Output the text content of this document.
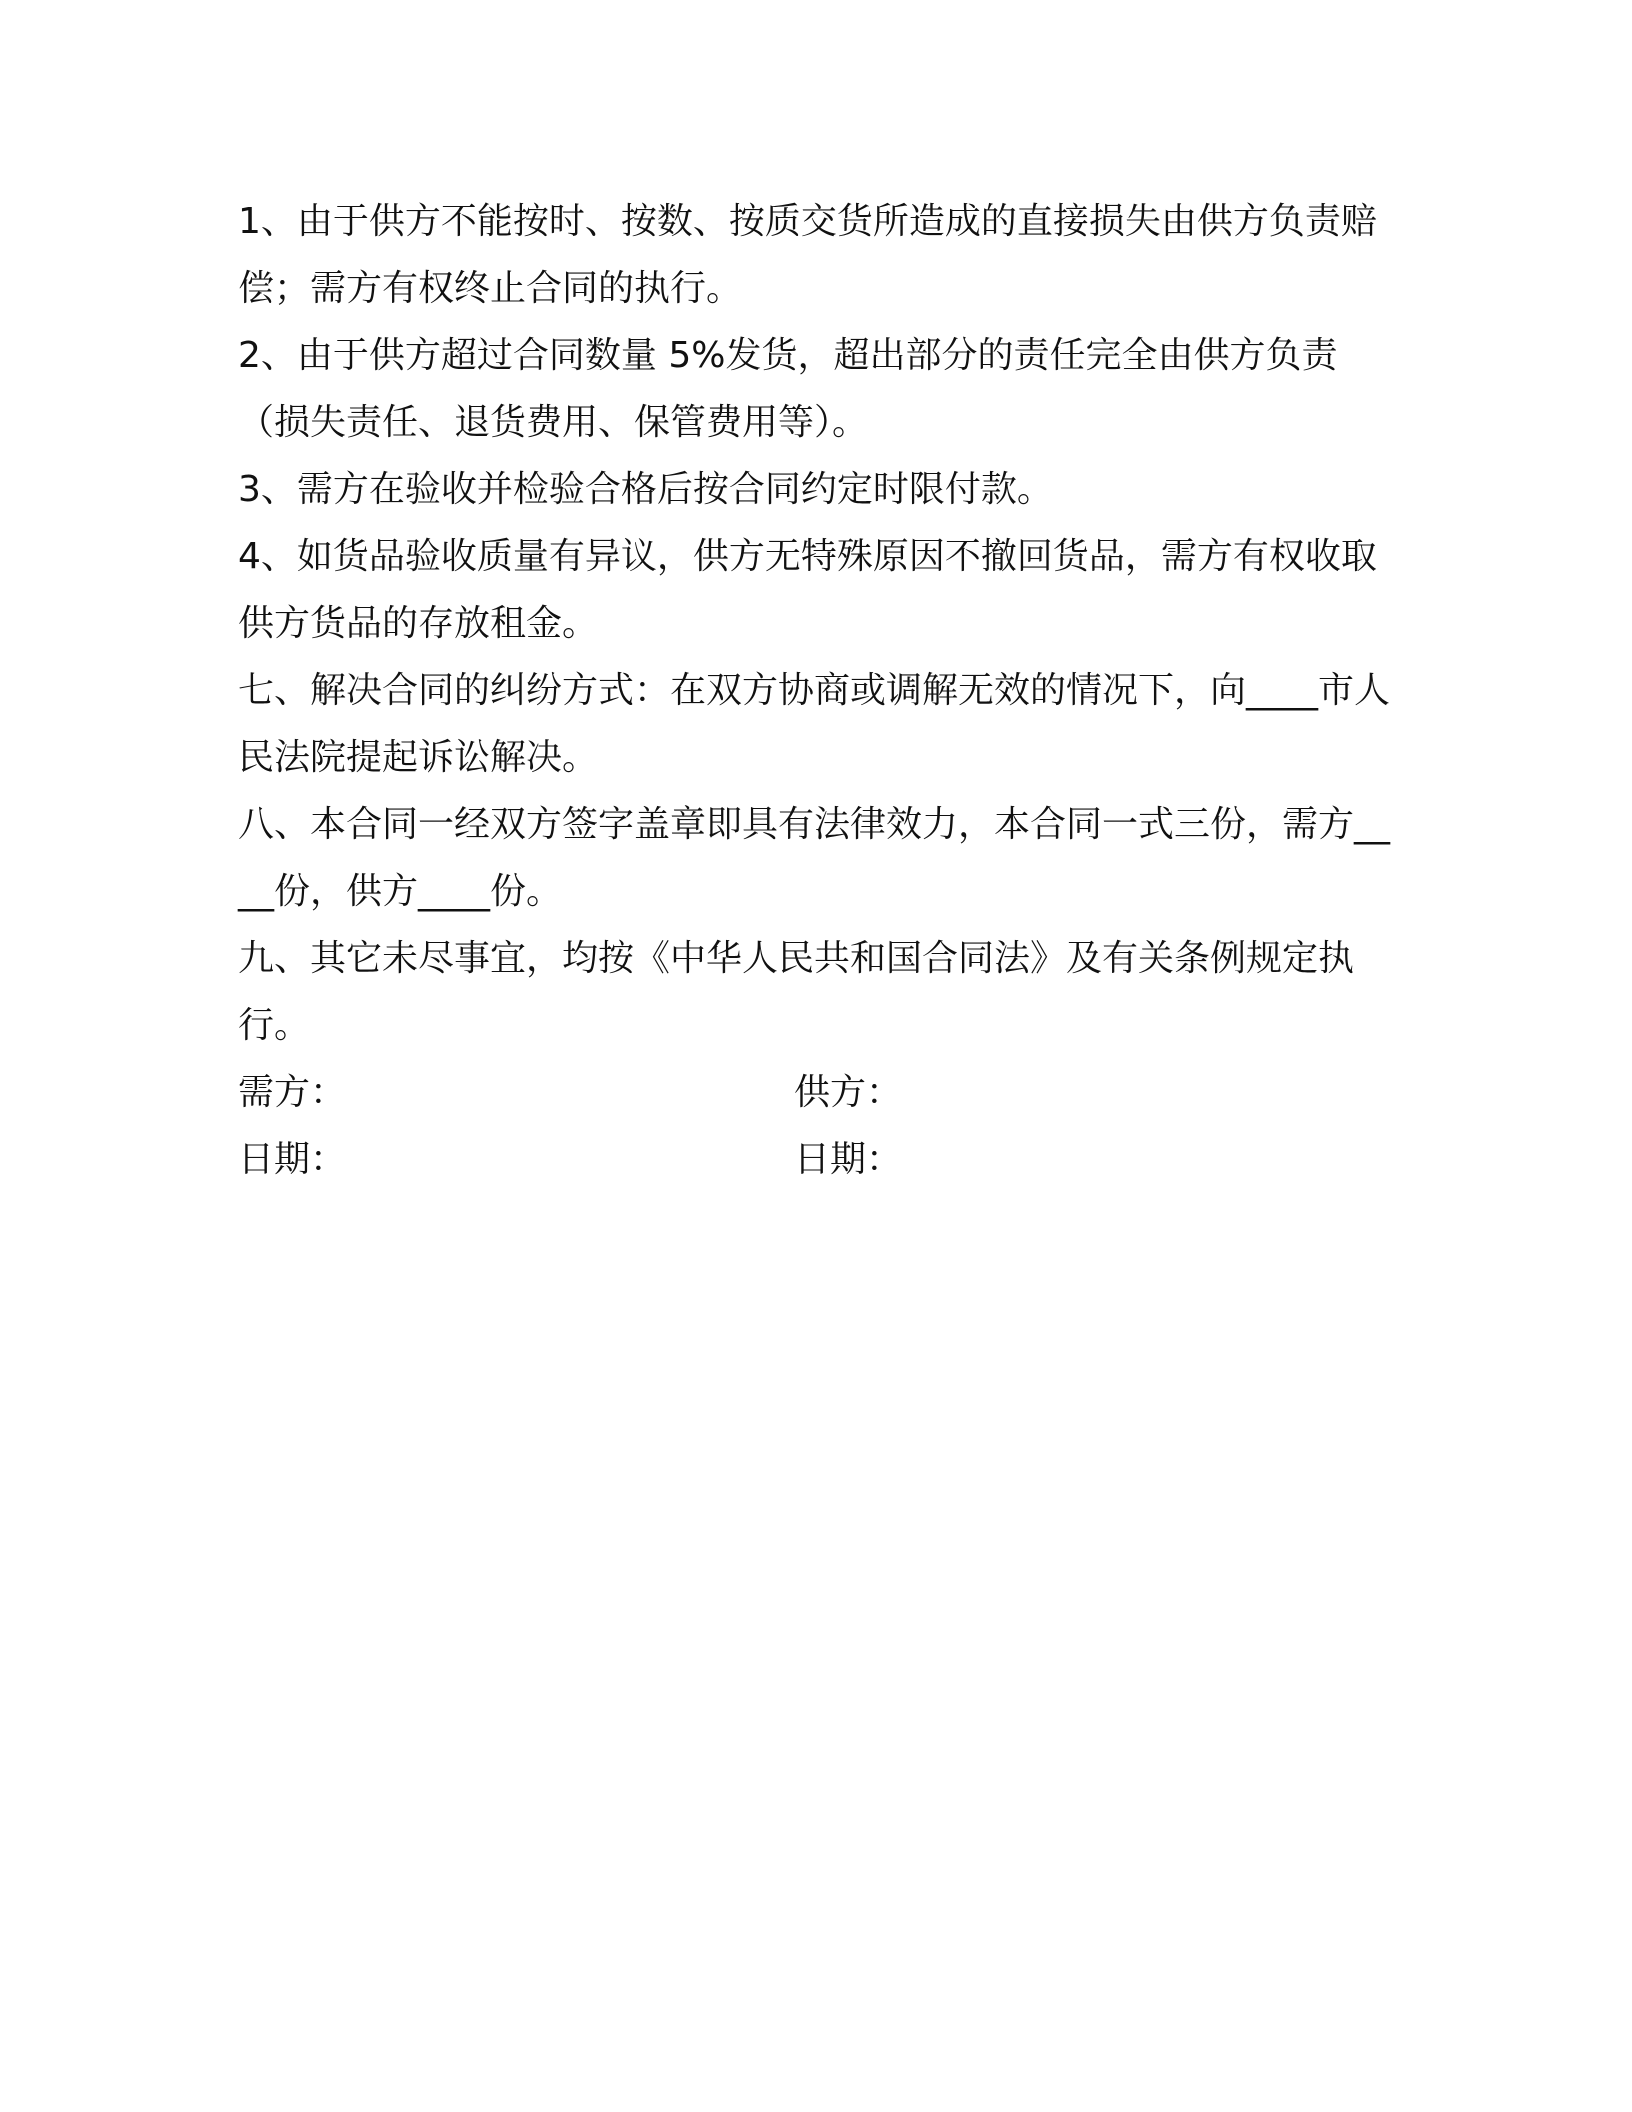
1、由于供方不能按时、按数、按质交货所造成的直接损失由供方负责赔偿；需方有权终止合同的执行。

2、由于供方超过合同数量 5%发货，超出部分的责任完全由供方负责（损失责任、退货费用、保管费用等）。

3、需方在验收并检验合格后按合同约定时限付款。

4、如货品验收质量有异议，供方无特殊原因不撤回货品，需方有权收取供方货品的存放租金。

七、解决合同的纠纷方式：在双方协商或调解无效的情况下，向____市人民法院提起诉讼解决。

八、本合同一经双方签字盖章即具有法律效力，本合同一式三份，需方____份，供方____份。

九、其它未尽事宜，均按《中华人民共和国合同法》及有关条例规定执行。

需方：	供方：
日期：	日期：
